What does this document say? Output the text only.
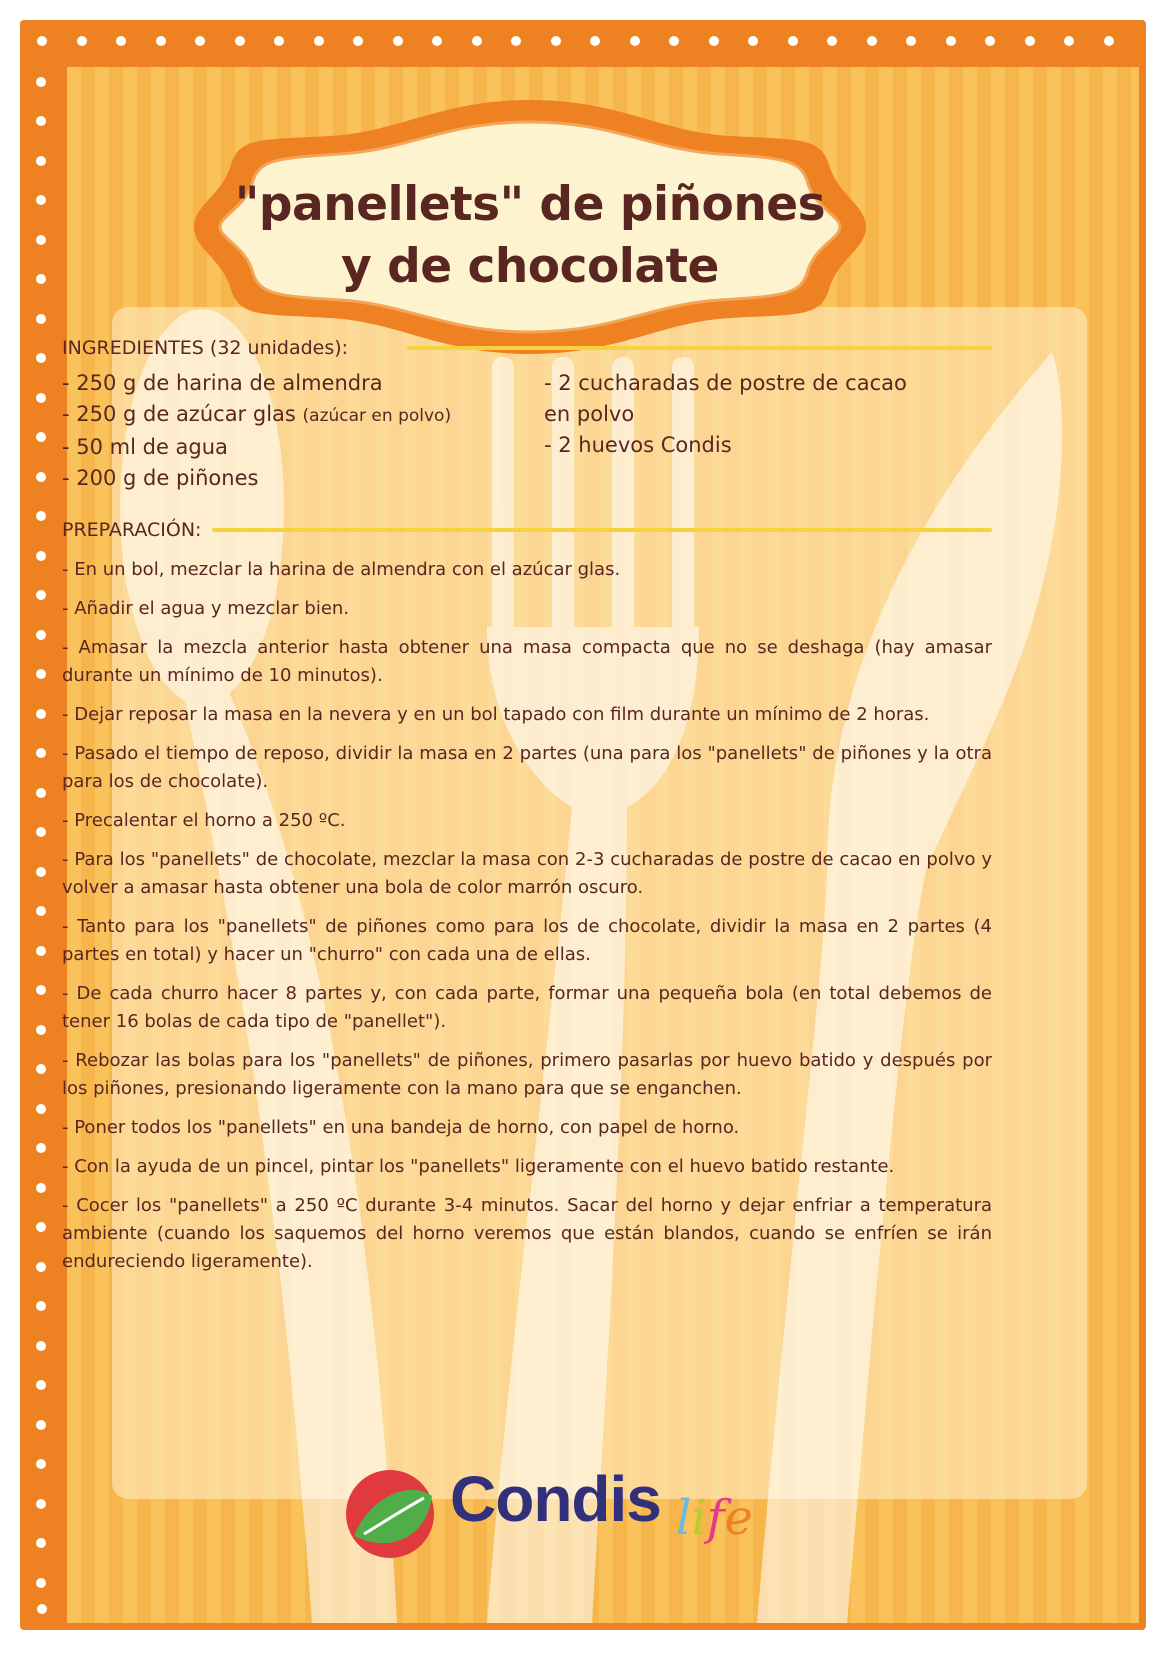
"panellets" de piñones
y de chocolate
INGREDIENTES (32 unidades):
- 250 g de harina de almendra
- 250 g de azúcar glas (azúcar en polvo)
- 50 ml de agua
- 200 g de piñones
- 2 cucharadas de postre de cacao
en polvo
- 2 huevos Condis
PREPARACIÓN:

- En un bol, mezclar la harina de almendra con el azúcar glas.

- Añadir el agua y mezclar bien.

- Amasar la mezcla anterior hasta obtener una masa compacta que no se deshaga (hay amasar durante un mínimo de 10 minutos).

- Dejar reposar la masa en la nevera y en un bol tapado con film durante un mínimo de 2 horas.

- Pasado el tiempo de reposo, dividir la masa en 2 partes (una para los "panellets" de piñones y la otra para los de chocolate).

- Precalentar el horno a 250 ºC.

- Para los "panellets" de chocolate, mezclar la masa con 2-3 cucharadas de postre de cacao en polvo y volver a amasar hasta obtener una bola de color marrón oscuro.

- Tanto para los "panellets" de piñones como para los de chocolate, dividir la masa en 2 partes (4 partes en total) y hacer un "churro" con cada una de ellas.

- De cada churro hacer 8 partes y, con cada parte, formar una pequeña bola (en total debemos de tener 16 bolas de cada tipo de "panellet").

- Rebozar las bolas para los "panellets" de piñones, primero pasarlas por huevo batido y después por los piñones, presionando ligeramente con la mano para que se enganchen.

- Poner todos los "panellets" en una bandeja de horno, con papel de horno.

- Con la ayuda de un pincel, pintar los "panellets" ligeramente con el huevo batido restante.

- Cocer los "panellets" a 250 ºC durante 3-4 minutos. Sacar del horno y dejar enfriar a temperatura ambiente (cuando los saquemos del horno veremos que están blandos, cuando se enfríen se irán endureciendo ligeramente).

Condis life
